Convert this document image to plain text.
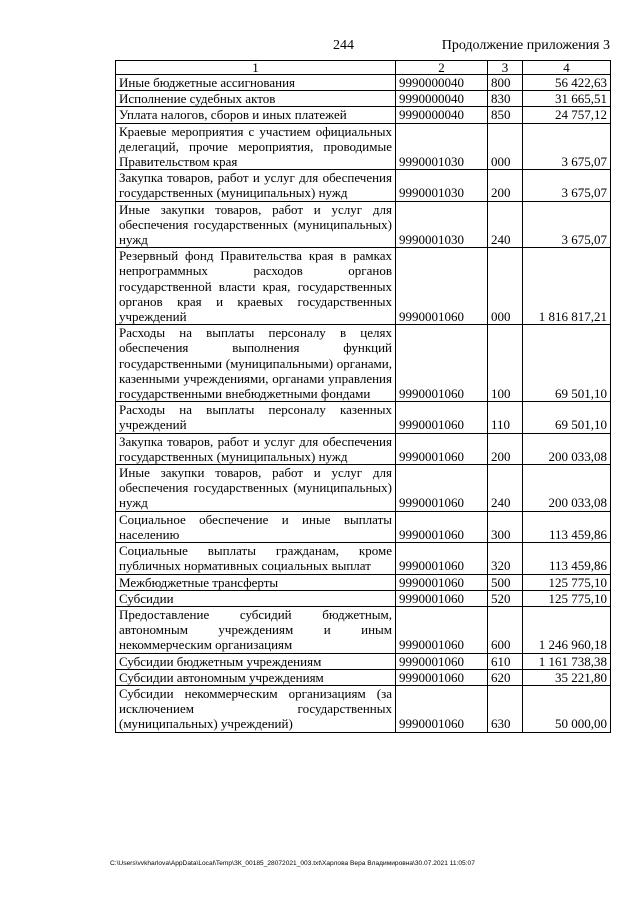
244	Продолжение приложения 3
1	2	3	4
Иные бюджетные ассигнования	9990000040	800	56 422,63
Исполнение судебных актов	9990000040	830	31 665,51
Уплата налогов, сборов и иных платежей	9990000040	850	24 757,12
Краевые мероприятия с участием официальных делегаций, прочие мероприятия, проводимые Правительством края	9990001030	000	3 675,07
Закупка товаров, работ и услуг для обеспечения государственных (муниципальных) нужд	9990001030	200	3 675,07
Иные закупки товаров, работ и услуг для обеспечения государственных (муниципальных) нужд	9990001030	240	3 675,07
Резервный фонд Правительства края в рамках непрограммных расходов органов государственной власти края, государственных органов края и краевых государственных учреждений	9990001060	000	1 816 817,21
Расходы на выплаты персоналу в целях обеспечения выполнения функций государственными (муниципальными) органами, казенными учреждениями, органами управления государственными внебюджетными фондами	9990001060	100	69 501,10
Расходы на выплаты персоналу казенных учреждений	9990001060	110	69 501,10
Закупка товаров, работ и услуг для обеспечения государственных (муниципальных) нужд	9990001060	200	200 033,08
Иные закупки товаров, работ и услуг для обеспечения государственных (муниципальных) нужд	9990001060	240	200 033,08
Социальное обеспечение и иные выплаты населению	9990001060	300	113 459,86
Социальные выплаты гражданам, кроме публичных нормативных социальных выплат	9990001060	320	113 459,86
Межбюджетные трансферты	9990001060	500	125 775,10
Субсидии	9990001060	520	125 775,10
Предоставление субсидий бюджетным, автономным учреждениям и иным некоммерческим организациям	9990001060	600	1 246 960,18
Субсидии бюджетным учреждениям	9990001060	610	1 161 738,38
Субсидии автономным учреждениям	9990001060	620	35 221,80
Субсидии некоммерческим организациям (за исключением государственных (муниципальных) учреждений)	9990001060	630	50 000,00
C:\Users\vvkharlova\AppData\Local\Temp\ЗК_00185_28072021_003.txt\Харлова Вера Владимировна\30.07.2021 11:05:07
